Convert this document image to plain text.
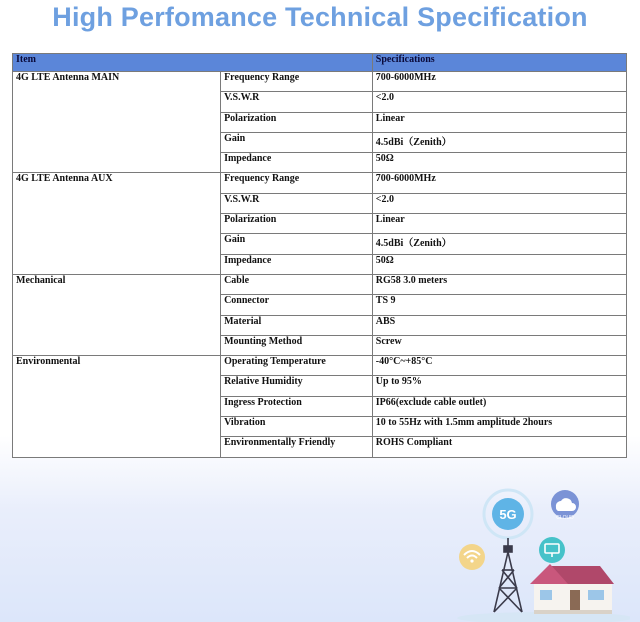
High Perfomance Technical Specification
Item		Specifications
4G LTE Antenna MAIN	Frequency Range	700-6000MHz
	V.S.W.R	<2.0
	Polarization	Linear
	Gain	4.5dBi（Zenith）
	Impedance	50Ω
4G LTE Antenna AUX	Frequency Range	700-6000MHz
	V.S.W.R	<2.0
	Polarization	Linear
	Gain	4.5dBi（Zenith）
	Impedance	50Ω
Mechanical	Cable	RG58 3.0 meters
	Connector	TS 9
	Material	ABS
	Mounting Method	Screw
Environmental	Operating Temperature	-40°C~+85°C
	Relative Humidity	Up to 95%
	Ingress Protection	IP66(exclude cable outlet)
	Vibration	10 to 55Hz with 1.5mm amplitude 2hours
	Environmentally Friendly	ROHS Compliant
5G	CLOUD
